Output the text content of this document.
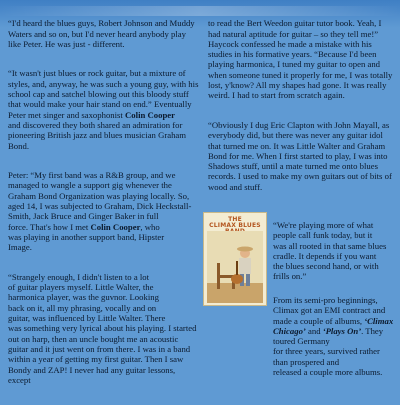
“I'd heard the blues guys, Robert Johnson and Muddy
Waters and so on, but I'd never heard anybody play
like Peter. He was just - different.

“It wasn't just blues or rock guitar, but a mixture of
styles, and, anyway, he was such a young guy, with his
school cap and satchel blowing out this bloody stuff
that would make your hair stand on end.” Eventually
Peter met singer and saxophonist Colin Cooper
and discovered they both shared an admiration for
pioneering British jazz and blues musician Graham
Bond.

Peter: “My first band was a R&B group, and we
managed to wangle a support gig whenever the
Graham Bond Organization was playing locally. So,
aged 14, I was subjected to Graham, Dick Heckstall-
Smith, Jack Bruce and Ginger Baker in full
force. That's how I met Colin Cooper, who
was playing in another support band, Hipster
Image.

“Strangely enough, I didn't listen to a lot
of guitar players myself. Little Walter, the
harmonica player, was the guvnor. Looking
back on it, all my phrasing, vocally and on
guitar, was influenced by Little Walter. There
was something very lyrical about his playing. I started
out on harp, then an uncle bought me an acoustic
guitar and it just went on from there. I was in a band
within a year of getting my first guitar. Then I saw
Bondy and ZAP! I never had any guitar lessons, except

to read the Bert Weedon guitar tutor book. Yeah, I
had natural aptitude for guitar – so they tell me!”
Haycock confessed he made a mistake with his
studies in his formative years. “Because I'd been
playing harmonica, I tuned my guitar to open and
when someone tuned it properly for me, I was totally
lost, y'know? All my shapes had gone. It was really
weird. I had to start from scratch again.

“Obviously I dug Eric Clapton with John Mayall, as
everybody did, but there was never any guitar idol
that turned me on. It was Little Walter and Graham
Bond for me. When I first started to play, I was into
Shadows stuff, until a mate turned me onto blues
records. I used to make my own guitars out of bits of
wood and stuff.

THE
CLIMAX BLUES “We're playing more of what
people call funk today, but it
was all rooted in that same blues
cradle. It depends if you want
the blues second hand, or with
frills on.”
From its semi-pro beginnings,
Climax got an EMI contract and
made a couple of albums, ‘Climax Chicago’ and ‘Plays On’. They toured Germany
for three years, survived rather than prospered and
released a couple more albums.
